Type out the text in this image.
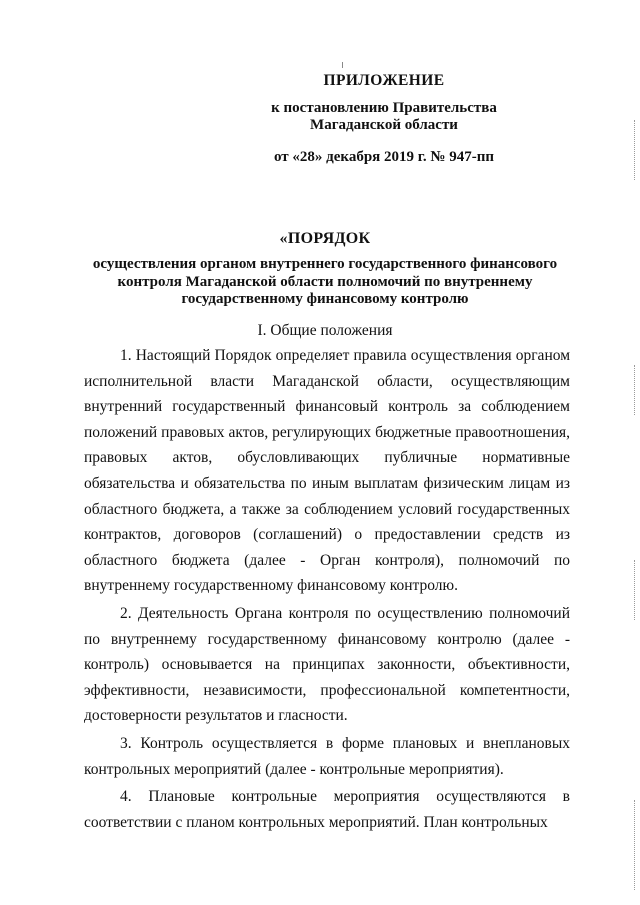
ПРИЛОЖЕНИЕ
к постановлению Правительства
Магаданской области
от «28» декабря 2019 г. № 947-пп
«ПОРЯДОК
осуществления органом внутреннего государственного финансового контроля Магаданской области полномочий по внутреннему государственному финансовому контролю
I. Общие положения

1. Настоящий Порядок определяет правила осуществления органом исполнительной власти Магаданской области, осуществляющим внутренний государственный финансовый контроль за соблюдением положений правовых актов, регулирующих бюджетные правоотношения, правовых актов, обусловливающих публичные нормативные обязательства и обязательства по иным выплатам физическим лицам из областного бюджета, а также за соблюдением условий государственных контрактов, договоров (соглашений) о предоставлении средств из областного бюджета (далее - Орган контроля), полномочий по внутреннему государственному финансовому контролю.

2. Деятельность Органа контроля по осуществлению полномочий по внутреннему государственному финансовому контролю (далее - контроль) основывается на принципах законности, объективности, эффективности, независимости, профессиональной компетентности, достоверности результатов и гласности.

3. Контроль осуществляется в форме плановых и внеплановых контрольных мероприятий (далее - контрольные мероприятия).

4. Плановые контрольные мероприятия осуществляются в соответствии с планом контрольных мероприятий. План контрольных
